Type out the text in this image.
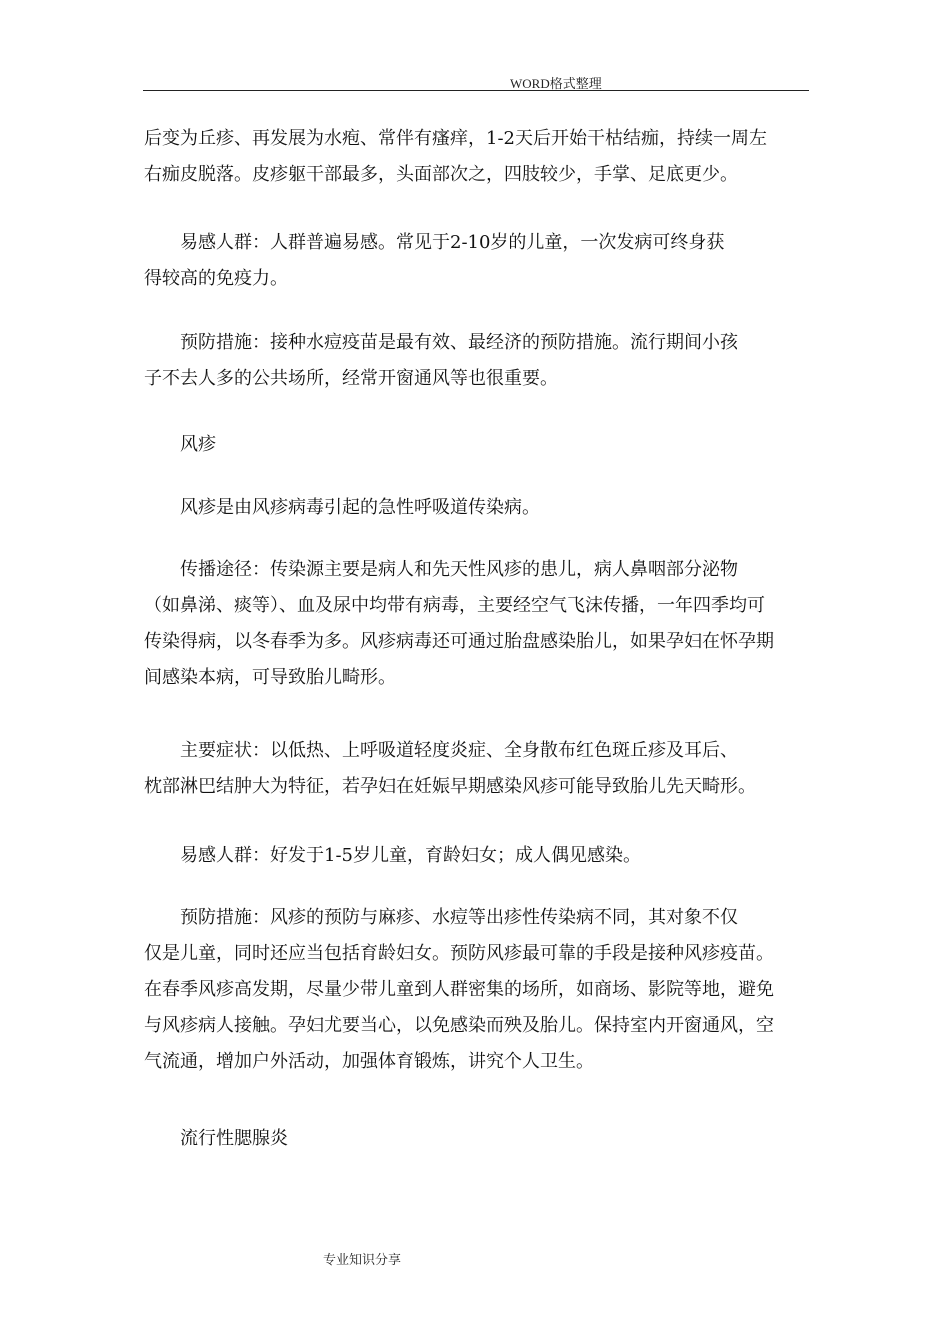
WORD格式整理

后变为丘疹、再发展为水疱、常伴有瘙痒，1-2天后开始干枯结痂，持续一周左
右痂皮脱落。皮疹躯干部最多，头面部次之，四肢较少，手掌、足底更少。

　　易感人群：人群普遍易感。常见于2-10岁的儿童，一次发病可终身获
得较高的免疫力。

　　预防措施：接种水痘疫苗是最有效、最经济的预防措施。流行期间小孩
子不去人多的公共场所，经常开窗通风等也很重要。

　　风疹

　　风疹是由风疹病毒引起的急性呼吸道传染病。

　　传播途径：传染源主要是病人和先天性风疹的患儿，病人鼻咽部分泌物
（如鼻涕、痰等）、血及尿中均带有病毒，主要经空气飞沫传播，一年四季均可
传染得病，以冬春季为多。风疹病毒还可通过胎盘感染胎儿，如果孕妇在怀孕期
间感染本病，可导致胎儿畸形。

　　主要症状：以低热、上呼吸道轻度炎症、全身散布红色斑丘疹及耳后、
枕部淋巴结肿大为特征，若孕妇在妊娠早期感染风疹可能导致胎儿先天畸形。

　　易感人群：好发于1-5岁儿童，育龄妇女；成人偶见感染。

　　预防措施：风疹的预防与麻疹、水痘等出疹性传染病不同，其对象不仅
仅是儿童，同时还应当包括育龄妇女。预防风疹最可靠的手段是接种风疹疫苗。
在春季风疹高发期，尽量少带儿童到人群密集的场所，如商场、影院等地，避免
与风疹病人接触。孕妇尤要当心，以免感染而殃及胎儿。保持室内开窗通风，空
气流通，增加户外活动，加强体育锻炼，讲究个人卫生。

　　流行性腮腺炎

专业知识分享
